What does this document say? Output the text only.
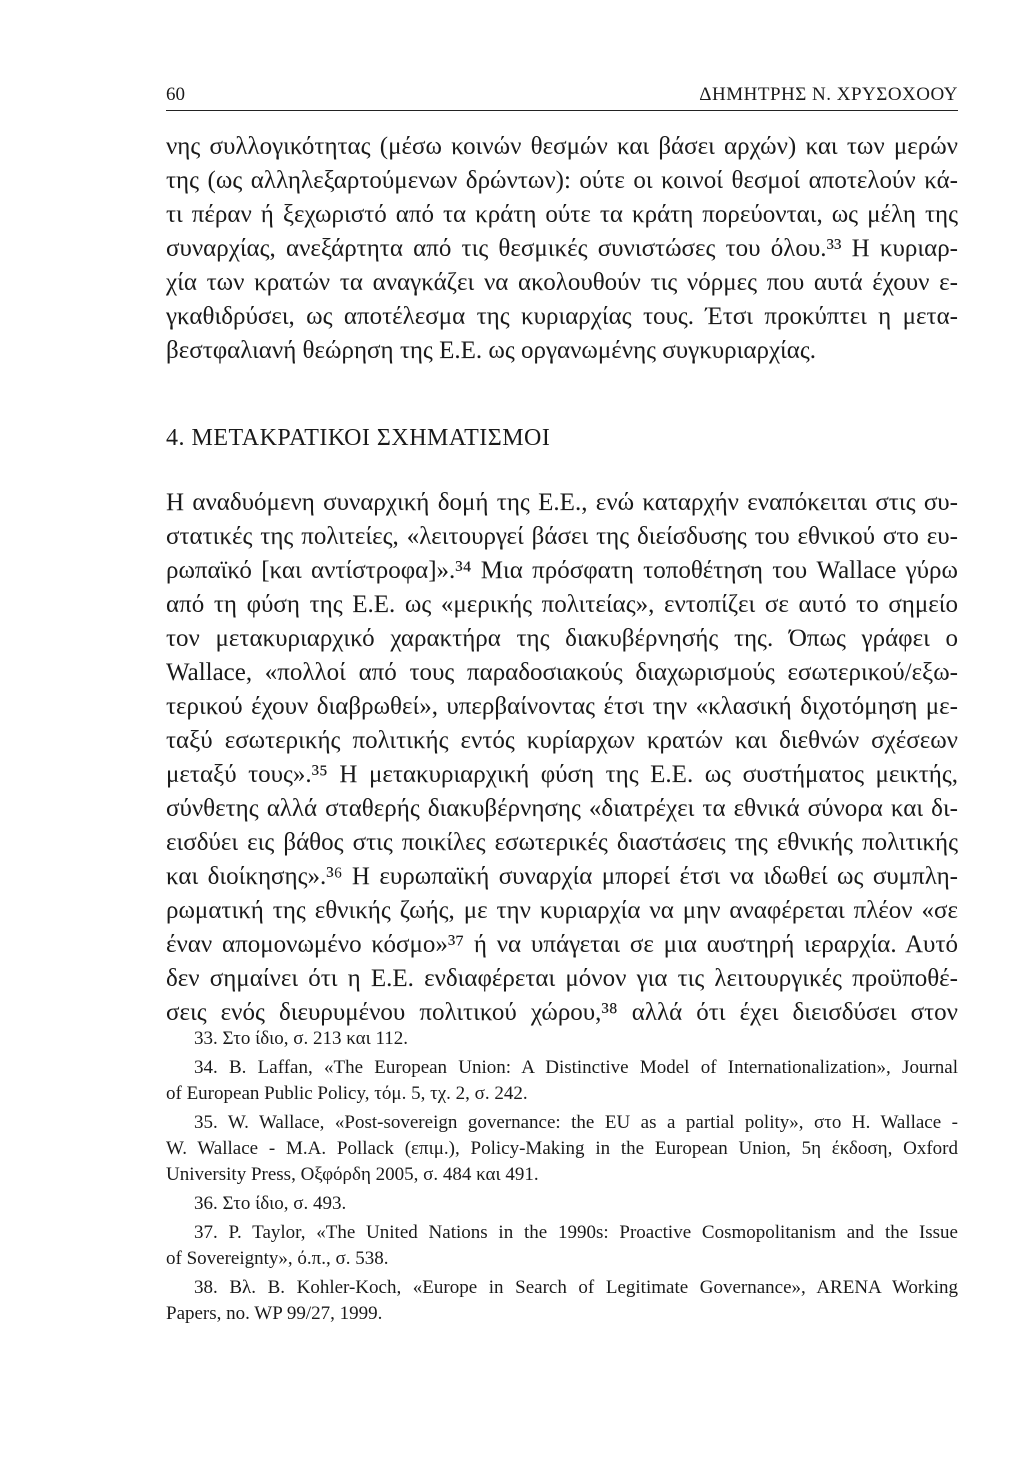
60	ΔΗΜΗΤΡΗΣ Ν. ΧΡΥΣΟΧΟΟΥ
νης συλλογικότητας (μέσω κοινών θεσμών και βάσει αρχών) και των μερών
της (ως αλληλεξαρτούμενων δρώντων): ούτε οι κοινοί θεσμοί αποτελούν κά-
τι πέραν ή ξεχωριστό από τα κράτη ούτε τα κράτη πορεύονται, ως μέλη της
συναρχίας, ανεξάρτητα από τις θεσμικές συνιστώσες του όλου.³³ Η κυριαρ-
χία των κρατών τα αναγκάζει να ακολουθούν τις νόρμες που αυτά έχουν ε-
γκαθιδρύσει, ως αποτέλεσμα της κυριαρχίας τους. Έτσι προκύπτει η μετα-
βεστφαλιανή θεώρηση της Ε.Ε. ως οργανωμένης συγκυριαρχίας.
4. ΜΕΤΑΚΡΑΤΙΚΟΙ ΣΧΗΜΑΤΙΣΜΟΙ
Η αναδυόμενη συναρχική δομή της Ε.Ε., ενώ καταρχήν εναπόκειται στις συ-
στατικές της πολιτείες, «λειτουργεί βάσει της διείσδυσης του εθνικού στο ευ-
ρωπαϊκό [και αντίστροφα]».³⁴ Μια πρόσφατη τοποθέτηση του Wallace γύρω
από τη φύση της Ε.Ε. ως «μερικής πολιτείας», εντοπίζει σε αυτό το σημείο
τον μετακυριαρχικό χαρακτήρα της διακυβέρνησής της. Όπως γράφει ο
Wallace, «πολλοί από τους παραδοσιακούς διαχωρισμούς εσωτερικού/εξω-
τερικού έχουν διαβρωθεί», υπερβαίνοντας έτσι την «κλασική διχοτόμηση με-
ταξύ εσωτερικής πολιτικής εντός κυρίαρχων κρατών και διεθνών σχέσεων
μεταξύ τους».³⁵ Η μετακυριαρχική φύση της Ε.Ε. ως συστήματος μεικτής,
σύνθετης αλλά σταθερής διακυβέρνησης «διατρέχει τα εθνικά σύνορα και δι-
εισδύει εις βάθος στις ποικίλες εσωτερικές διαστάσεις της εθνικής πολιτικής
και διοίκησης».³⁶ Η ευρωπαϊκή συναρχία μπορεί έτσι να ιδωθεί ως συμπλη-
ρωματική της εθνικής ζωής, με την κυριαρχία να μην αναφέρεται πλέον «σε
έναν απομονωμένο κόσμο»³⁷ ή να υπάγεται σε μια αυστηρή ιεραρχία. Αυτό
δεν σημαίνει ότι η Ε.Ε. ενδιαφέρεται μόνον για τις λειτουργικές προϋποθέ-
σεις ενός διευρυμένου πολιτικού χώρου,³⁸ αλλά ότι έχει διεισδύσει στον
33. Στο ίδιο, σ. 213 και 112.
34. B. Laffan, «The European Union: A Distinctive Model of Internationalization», Journal
of European Public Policy, τόμ. 5, τχ. 2, σ. 242.
35. W. Wallace, «Post-sovereign governance: the EU as a partial polity», στο H. Wallace -
W. Wallace - M.A. Pollack (επιμ.), Policy-Making in the European Union, 5η έκδοση, Oxford
University Press, Οξφόρδη 2005, σ. 484 και 491.
36. Στο ίδιο, σ. 493.
37. P. Taylor, «The United Nations in the 1990s: Proactive Cosmopolitanism and the Issue
of Sovereignty», ό.π., σ. 538.
38. Βλ. B. Kohler-Koch, «Europe in Search of Legitimate Governance», ARENA Working
Papers, no. WP 99/27, 1999.
